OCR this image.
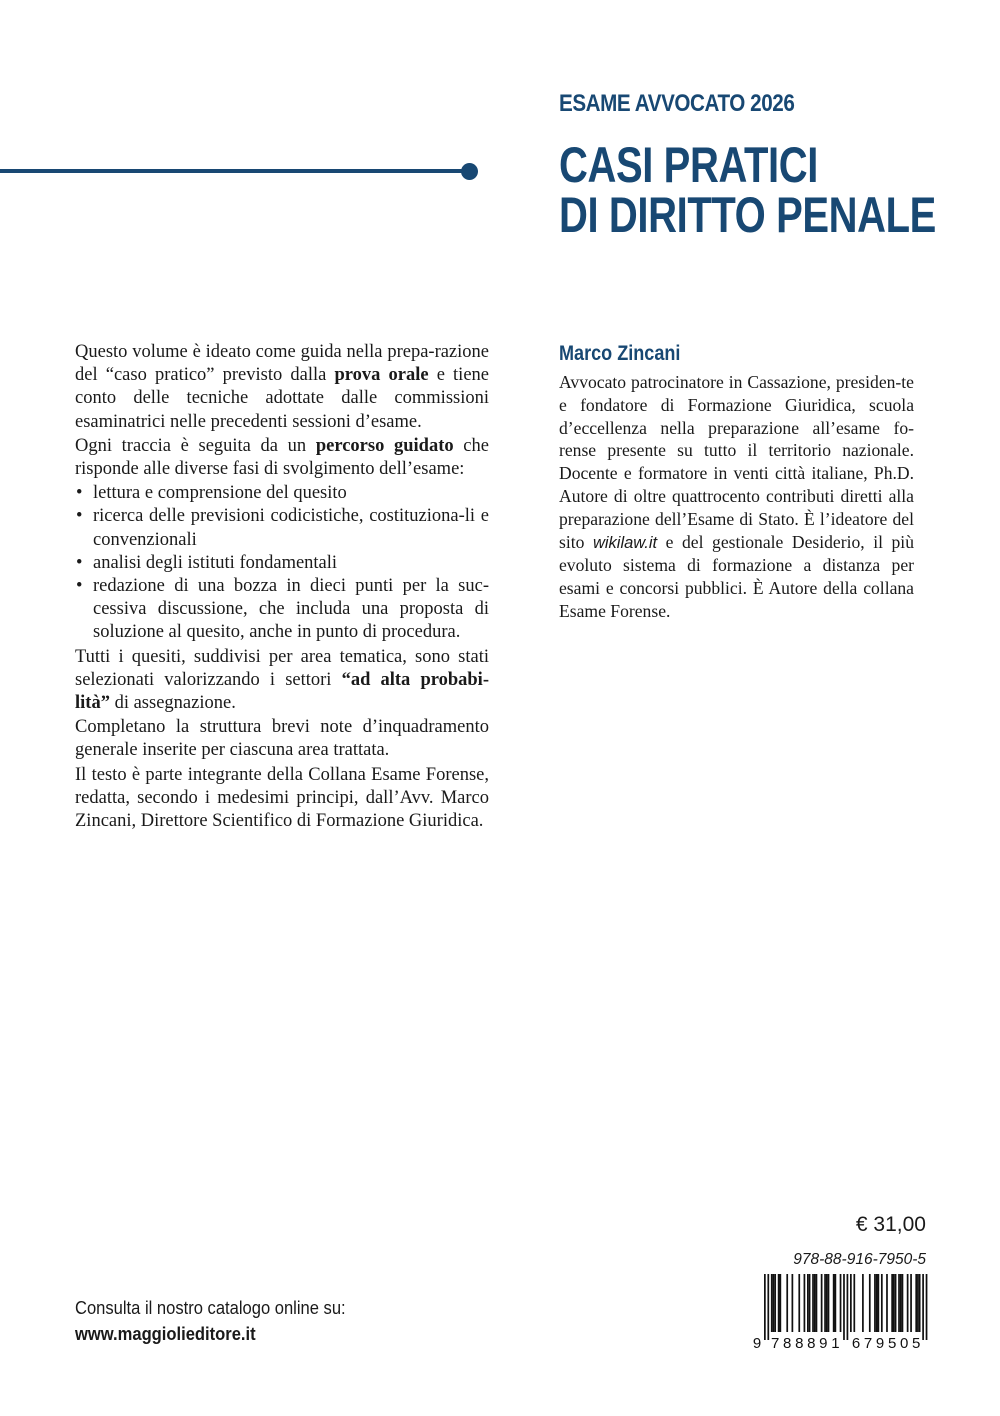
ESAME AVVOCATO 2026
CASI PRATICI
DI DIRITTO PENALE

Questo volume è ideato come guida nella prepa-razione del “caso pratico” previsto dalla prova orale e tiene conto delle tecniche adottate dalle commissioni esaminatrici nelle precedenti sessioni d’esame.

Ogni traccia è seguita da un percorso guidato che risponde alle diverse fasi di svolgimento dell’esame:

• lettura e comprensione del quesito
• ricerca delle previsioni codicistiche, costituziona-li e convenzionali
• analisi degli istituti fondamentali
• redazione di una bozza in dieci punti per la suc-cessiva discussione, che includa una proposta di soluzione al quesito, anche in punto di procedura.

Tutti i quesiti, suddivisi per area tematica, sono stati selezionati valorizzando i settori “ad alta probabi-lità” di assegnazione.

Completano la struttura brevi note d’inquadramento generale inserite per ciascuna area trattata.

Il testo è parte integrante della Collana Esame Forense, redatta, secondo i medesimi principi, dall’Avv. Marco Zincani, Direttore Scientifico di Formazione Giuridica.

Marco Zincani
Avvocato patrocinatore in Cassazione, presiden-te e fondatore di Formazione Giuridica, scuola d’eccellenza nella preparazione all’esame fo-rense presente su tutto il territorio nazionale. Docente e formatore in venti città italiane, Ph.D. Autore di oltre quattrocento contributi diretti alla preparazione dell’Esame di Stato. È l’ideatore del sito wikilaw.it e del gestionale Desiderio, il più evoluto sistema di formazione a distanza per esami e concorsi pubblici. È Autore della collana Esame Forense.
€ 31,00
978-88-916-7950-5
9 7 8 8 8 9 1 6 7 9 5 0 5
Consulta il nostro catalogo online su:
www.maggiolieditore.it
